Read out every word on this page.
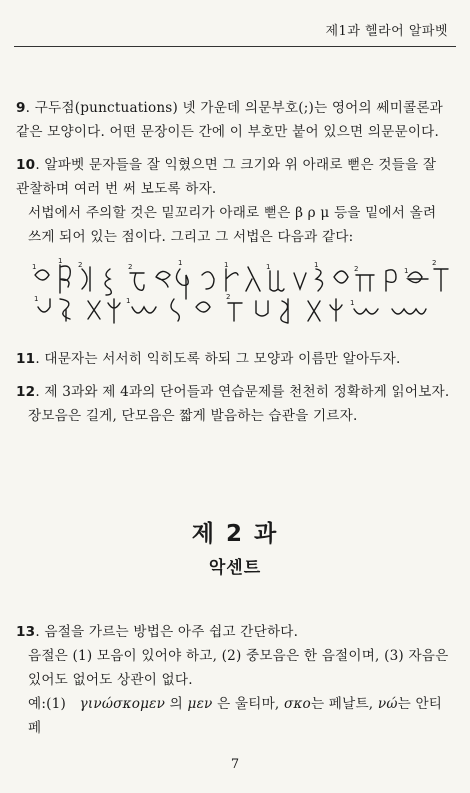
제1과 헬라어 알파벳
9. 구두점(punctuations) 넷 가운데 의문부호(;)는 영어의 쎄미콜론과 같은 모양이다. 어떤 문장이든 간에 이 부호만 붙어 있으면 의문문이다.
10. 알파벳 문자들을 잘 익혔으면 그 크기와 위 아래로 뻗은 것들을 잘 관찰하며 여러 번 써 보도록 하자.
서법에서 주의할 것은 밑꼬리가 아래로 뻗은 β ρ μ 등을 밑에서 올려 쓰게 되어 있는 점이다. 그리고 그 서법은 다음과 같다:
1
1 2	2	1	1	1	1	2	1
2
1	1	2
1
11. 대문자는 서서히 익히도록 하되 그 모양과 이름만 알아두자.
12. 제 3과와 제 4과의 단어들과 연습문제를 천천히 정확하게 읽어보자.
장모음은 길게, 단모음은 짧게 발음하는 습관을 기르자.
제 2 과
악센트
13. 음절을 가르는 방법은 아주 쉽고 간단하다.
음절은 (1) 모음이 있어야 하고, (2) 중모음은 한 음절이며, (3) 자음은 있어도 없어도 상관이 없다.
예:(1) γινώσκομεν 의 μεν 은 울티마, σκο는 페날트, νώ는 안티페
7
